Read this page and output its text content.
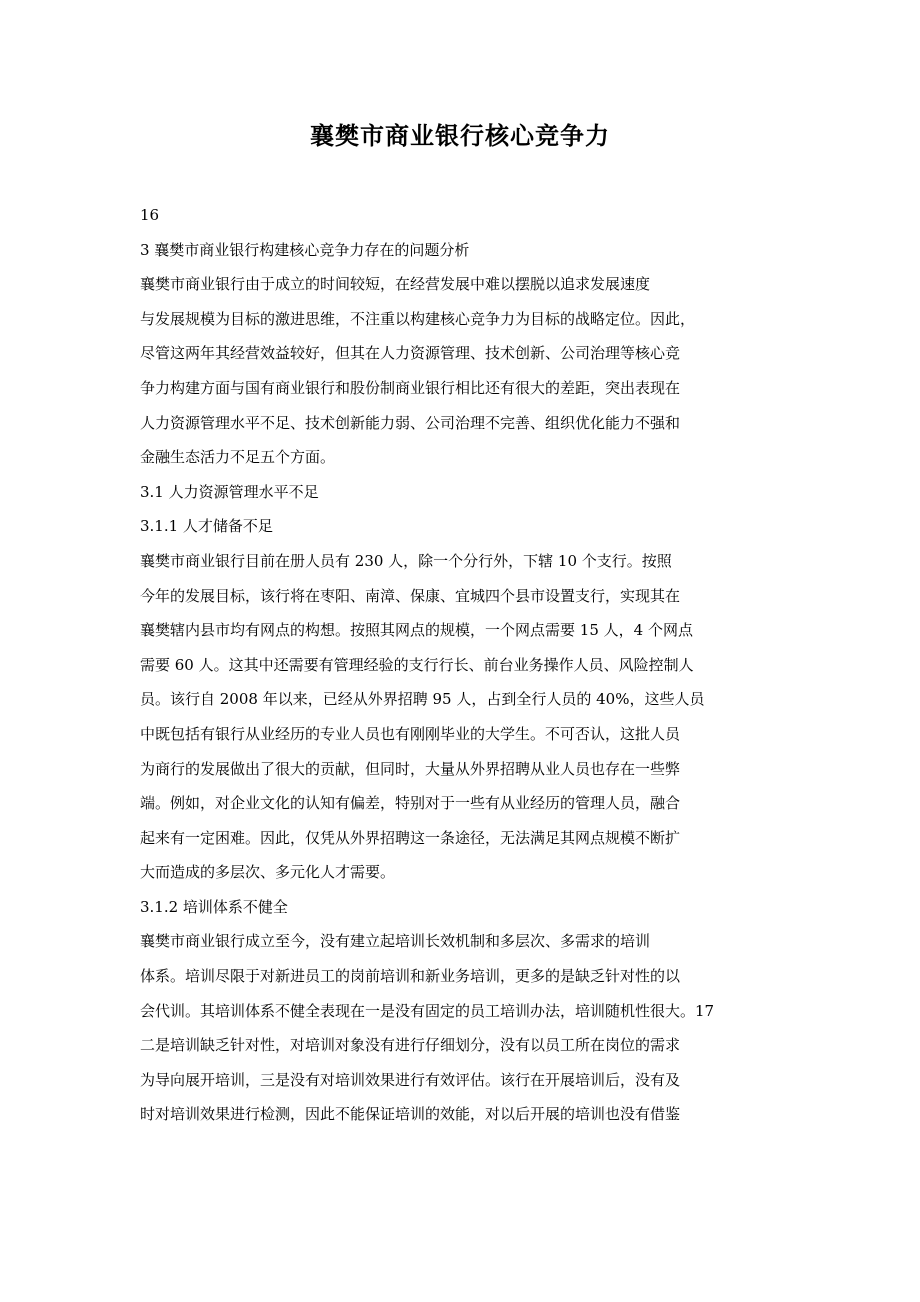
襄樊市商业银行核心竞争力

16

3 襄樊市商业银行构建核心竞争力存在的问题分析

襄樊市商业银行由于成立的时间较短，在经营发展中难以摆脱以追求发展速度

与发展规模为目标的激进思维，不注重以构建核心竞争力为目标的战略定位。因此，

尽管这两年其经营效益较好，但其在人力资源管理、技术创新、公司治理等核心竞

争力构建方面与国有商业银行和股份制商业银行相比还有很大的差距，突出表现在

人力资源管理水平不足、技术创新能力弱、公司治理不完善、组织优化能力不强和

金融生态活力不足五个方面。

3.1 人力资源管理水平不足

3.1.1 人才储备不足

襄樊市商业银行目前在册人员有 230 人，除一个分行外，下辖 10 个支行。按照

今年的发展目标，该行将在枣阳、南漳、保康、宜城四个县市设置支行，实现其在

襄樊辖内县市均有网点的构想。按照其网点的规模，一个网点需要 15 人，4 个网点

需要 60 人。这其中还需要有管理经验的支行行长、前台业务操作人员、风险控制人

员。该行自 2008 年以来，已经从外界招聘 95 人，占到全行人员的 40%，这些人员

中既包括有银行从业经历的专业人员也有刚刚毕业的大学生。不可否认，这批人员

为商行的发展做出了很大的贡献，但同时，大量从外界招聘从业人员也存在一些弊

端。例如，对企业文化的认知有偏差，特别对于一些有从业经历的管理人员，融合

起来有一定困难。因此，仅凭从外界招聘这一条途径，无法满足其网点规模不断扩

大而造成的多层次、多元化人才需要。

3.1.2 培训体系不健全

襄樊市商业银行成立至今，没有建立起培训长效机制和多层次、多需求的培训

体系。培训尽限于对新进员工的岗前培训和新业务培训，更多的是缺乏针对性的以

会代训。其培训体系不健全表现在一是没有固定的员工培训办法，培训随机性很大。17

二是培训缺乏针对性，对培训对象没有进行仔细划分，没有以员工所在岗位的需求

为导向展开培训，三是没有对培训效果进行有效评估。该行在开展培训后，没有及

时对培训效果进行检测，因此不能保证培训的效能，对以后开展的培训也没有借鉴
